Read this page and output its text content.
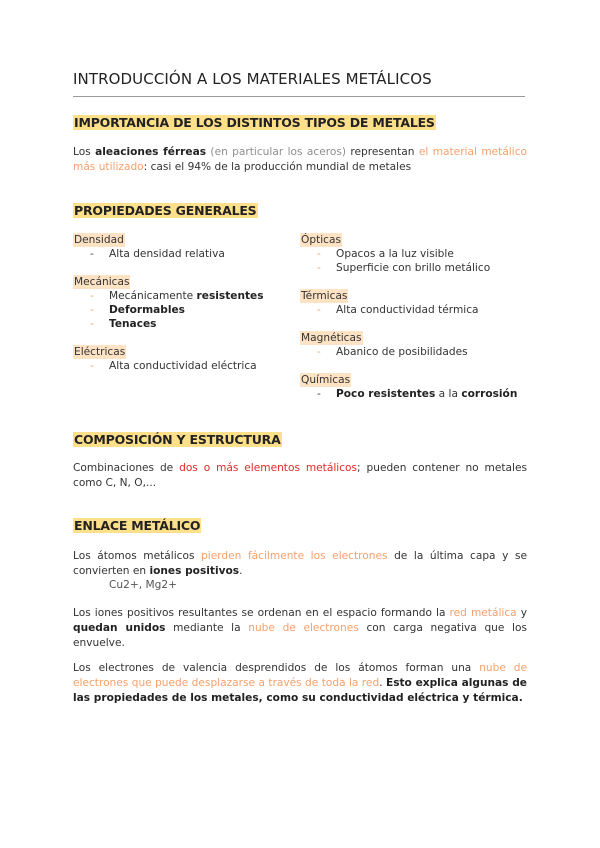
INTRODUCCIÓN A LOS MATERIALES METÁLICOS
IMPORTANCIA DE LOS DISTINTOS TIPOS DE METALES
Los aleaciones férreas (en particular los aceros) representan el material metálico más utilizado: casi el 94% de la producción mundial de metales
PROPIEDADES GENERALES
Densidad
-	Alta densidad relativa
Mecánicas
-	Mecánicamente resistentes
-	Deformables
-	Tenaces
Eléctricas
-	Alta conductividad eléctrica
Ópticas
-	Opacos a la luz visible
-	Superficie con brillo metálico
Térmicas
-	Alta conductividad térmica
Magnéticas
-	Abanico de posibilidades
Químicas
-	Poco resistentes a la corrosión
COMPOSICIÓN Y ESTRUCTURA
Combinaciones de dos o más elementos metálicos; pueden contener no metales como C, N, O,...
ENLACE METÁLICO
Los átomos metálicos pierden fácilmente los electrones de la última capa y se convierten en iones positivos.
Cu2+, Mg2+
Los iones positivos resultantes se ordenan en el espacio formando la red metálica y quedan unidos mediante la nube de electrones con carga negativa que los envuelve.
Los electrones de valencia desprendidos de los átomos forman una nube de electrones que puede desplazarse a través de toda la red. Esto explica algunas de las propiedades de los metales, como su conductividad eléctrica y térmica.
